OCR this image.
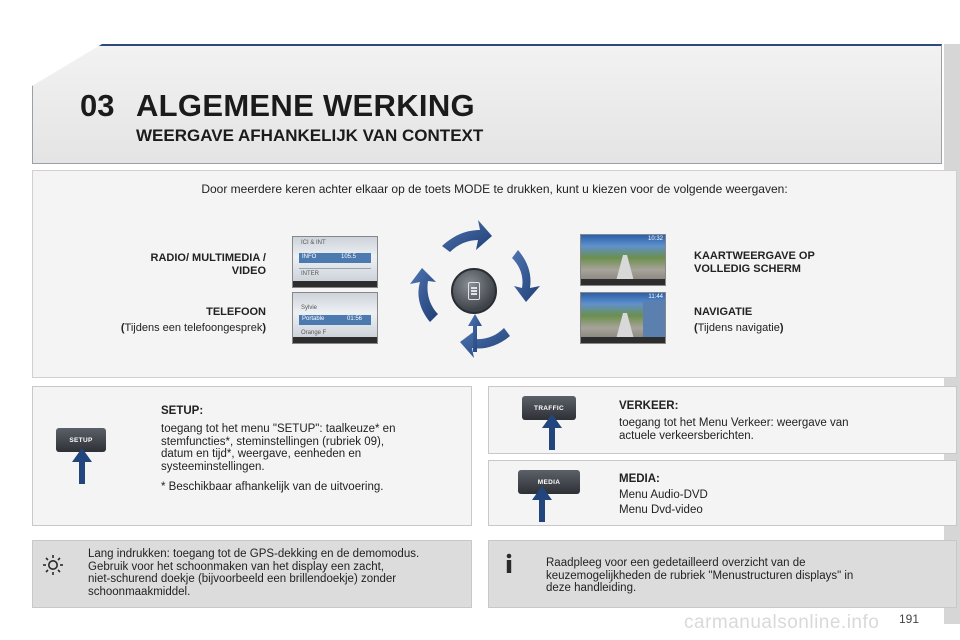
03 ALGEMENE WERKING
WEERGAVE AFHANKELIJK VAN CONTEXT
Door meerdere keren achter elkaar op de toets MODE te drukken, kunt u kiezen voor de volgende weergaven:
RADIO/ MULTIMEDIA /
VIDEO
TELEFOON
(Tijdens een telefoongesprek)
KAARTWEERGAVE OP
VOLLEDIG SCHERM
NAVIGATIE
(Tijdens navigatie)
ICI & INT
INFO	105.5
INTER
Sylvie
Portable	01:56
Orange F
10:32
11:44
SETUP
SETUP:
toegang tot het menu "SETUP": taalkeuze* en
stemfuncties*, steminstellingen (rubriek 09),
datum en tijd*, weergave, eenheden en
systeeminstellingen.
* Beschikbaar afhankelijk van de uitvoering.
TRAFFIC	VERKEER:
toegang tot het Menu Verkeer: weergave van
actuele verkeersberichten.
MEDIA	MEDIA:
Menu Audio-DVD
Menu Dvd-video
Lang indrukken: toegang tot de GPS-dekking en de demomodus.
Gebruik voor het schoonmaken van het display een zacht,
niet-schurend doekje (bijvoorbeeld een brillendoekje) zonder
schoonmaakmiddel.
Raadpleeg voor een gedetailleerd overzicht van de
keuzemogelijkheden de rubriek "Menustructuren displays" in
deze handleiding.
carmanualsonline.info 191
